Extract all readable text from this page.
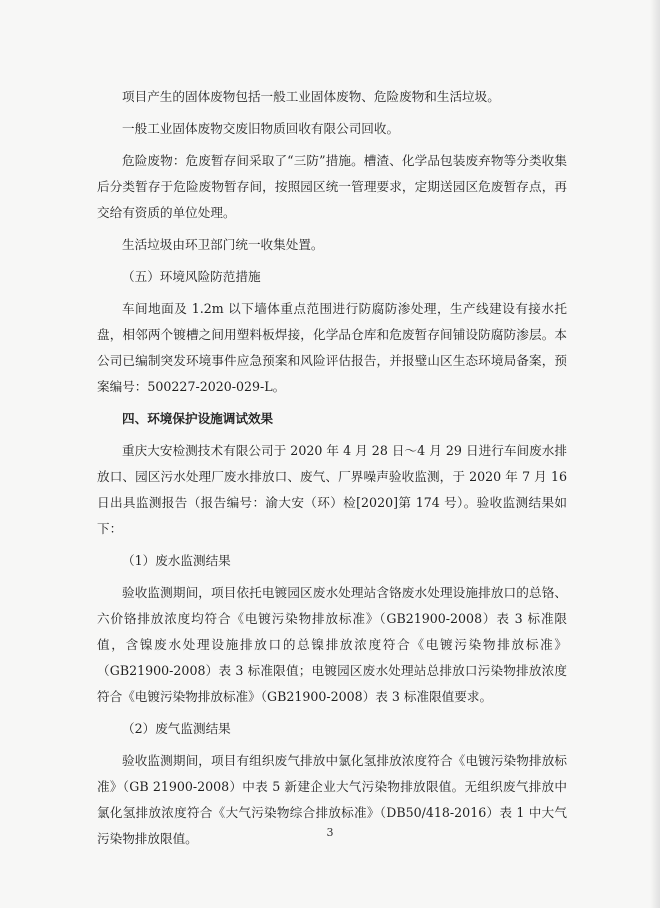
项目产生的固体废物包括一般工业固体废物、危险废物和生活垃圾。

一般工业固体废物交废旧物质回收有限公司回收。

危险废物：危废暂存间采取了“三防”措施。槽渣、化学品包装废弃物等分类收集后分类暂存于危险废物暂存间，按照园区统一管理要求，定期送园区危废暂存点，再交给有资质的单位处理。

生活垃圾由环卫部门统一收集处置。

（五）环境风险防范措施

车间地面及 1.2m 以下墙体重点范围进行防腐防渗处理，生产线建设有接水托盘，相邻两个镀槽之间用塑料板焊接，化学品仓库和危废暂存间铺设防腐防渗层。本公司已编制突发环境事件应急预案和风险评估报告，并报璧山区生态环境局备案，预案编号：500227-2020-029-L。

四、环境保护设施调试效果

重庆大安检测技术有限公司于 2020 年 4 月 28 日～4 月 29 日进行车间废水排放口、园区污水处理厂废水排放口、废气、厂界噪声验收监测，于 2020 年 7 月 16 日出具监测报告（报告编号：渝大安（环）检[2020]第 174 号）。验收监测结果如下：

（1）废水监测结果

验收监测期间，项目依托电镀园区废水处理站含铬废水处理设施排放口的总铬、六价铬排放浓度均符合《电镀污染物排放标准》（GB21900-2008）表 3 标准限值，含镍废水处理设施排放口的总镍排放浓度符合《电镀污染物排放标准》（GB21900-2008）表 3 标准限值；电镀园区废水处理站总排放口污染物排放浓度符合《电镀污染物排放标准》（GB21900-2008）表 3 标准限值要求。

（2）废气监测结果

验收监测期间，项目有组织废气排放中氯化氢排放浓度符合《电镀污染物排放标准》（GB 21900-2008）中表 5 新建企业大气污染物排放限值。无组织废气排放中氯化氢排放浓度符合《大气污染物综合排放标准》（DB50/418-2016）表 1 中大气污染物排放限值。	3
